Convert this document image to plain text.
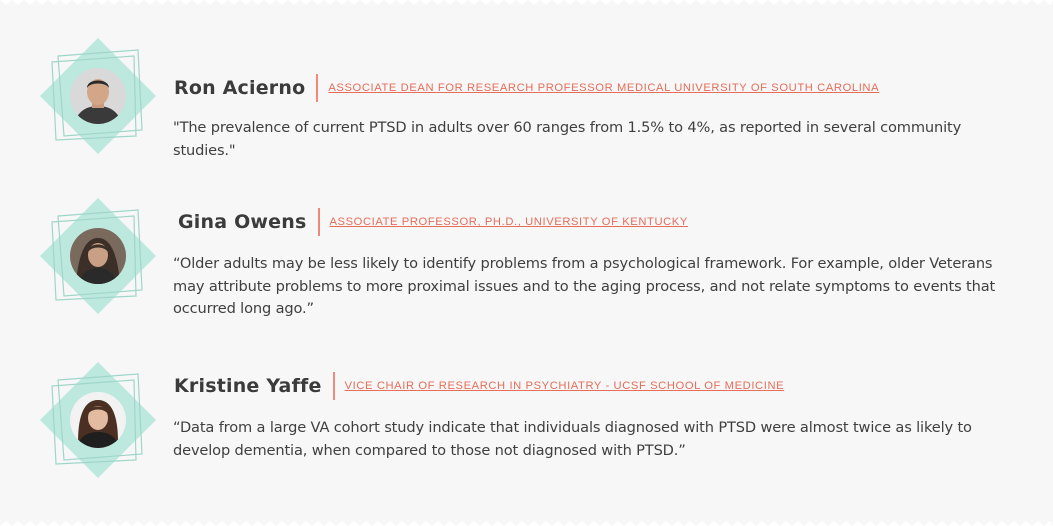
Ron Acierno ASSOCIATE DEAN FOR RESEARCH PROFESSOR MEDICAL UNIVERSITY OF SOUTH CAROLINA

"The prevalence of current PTSD in adults over 60 ranges from 1.5% to 4%, as reported in several community studies."

Gina Owens ASSOCIATE PROFESSOR, PH.D., UNIVERSITY OF KENTUCKY

“Older adults may be less likely to identify problems from a psychological framework. For example, older Veterans may attribute problems to more proximal issues and to the aging process, and not relate symptoms to events that occurred long ago.”

Kristine Yaffe VICE CHAIR OF RESEARCH IN PSYCHIATRY - UCSF SCHOOL OF MEDICINE

“Data from a large VA cohort study indicate that individuals diagnosed with PTSD were almost twice as likely to develop dementia, when compared to those not diagnosed with PTSD.”
